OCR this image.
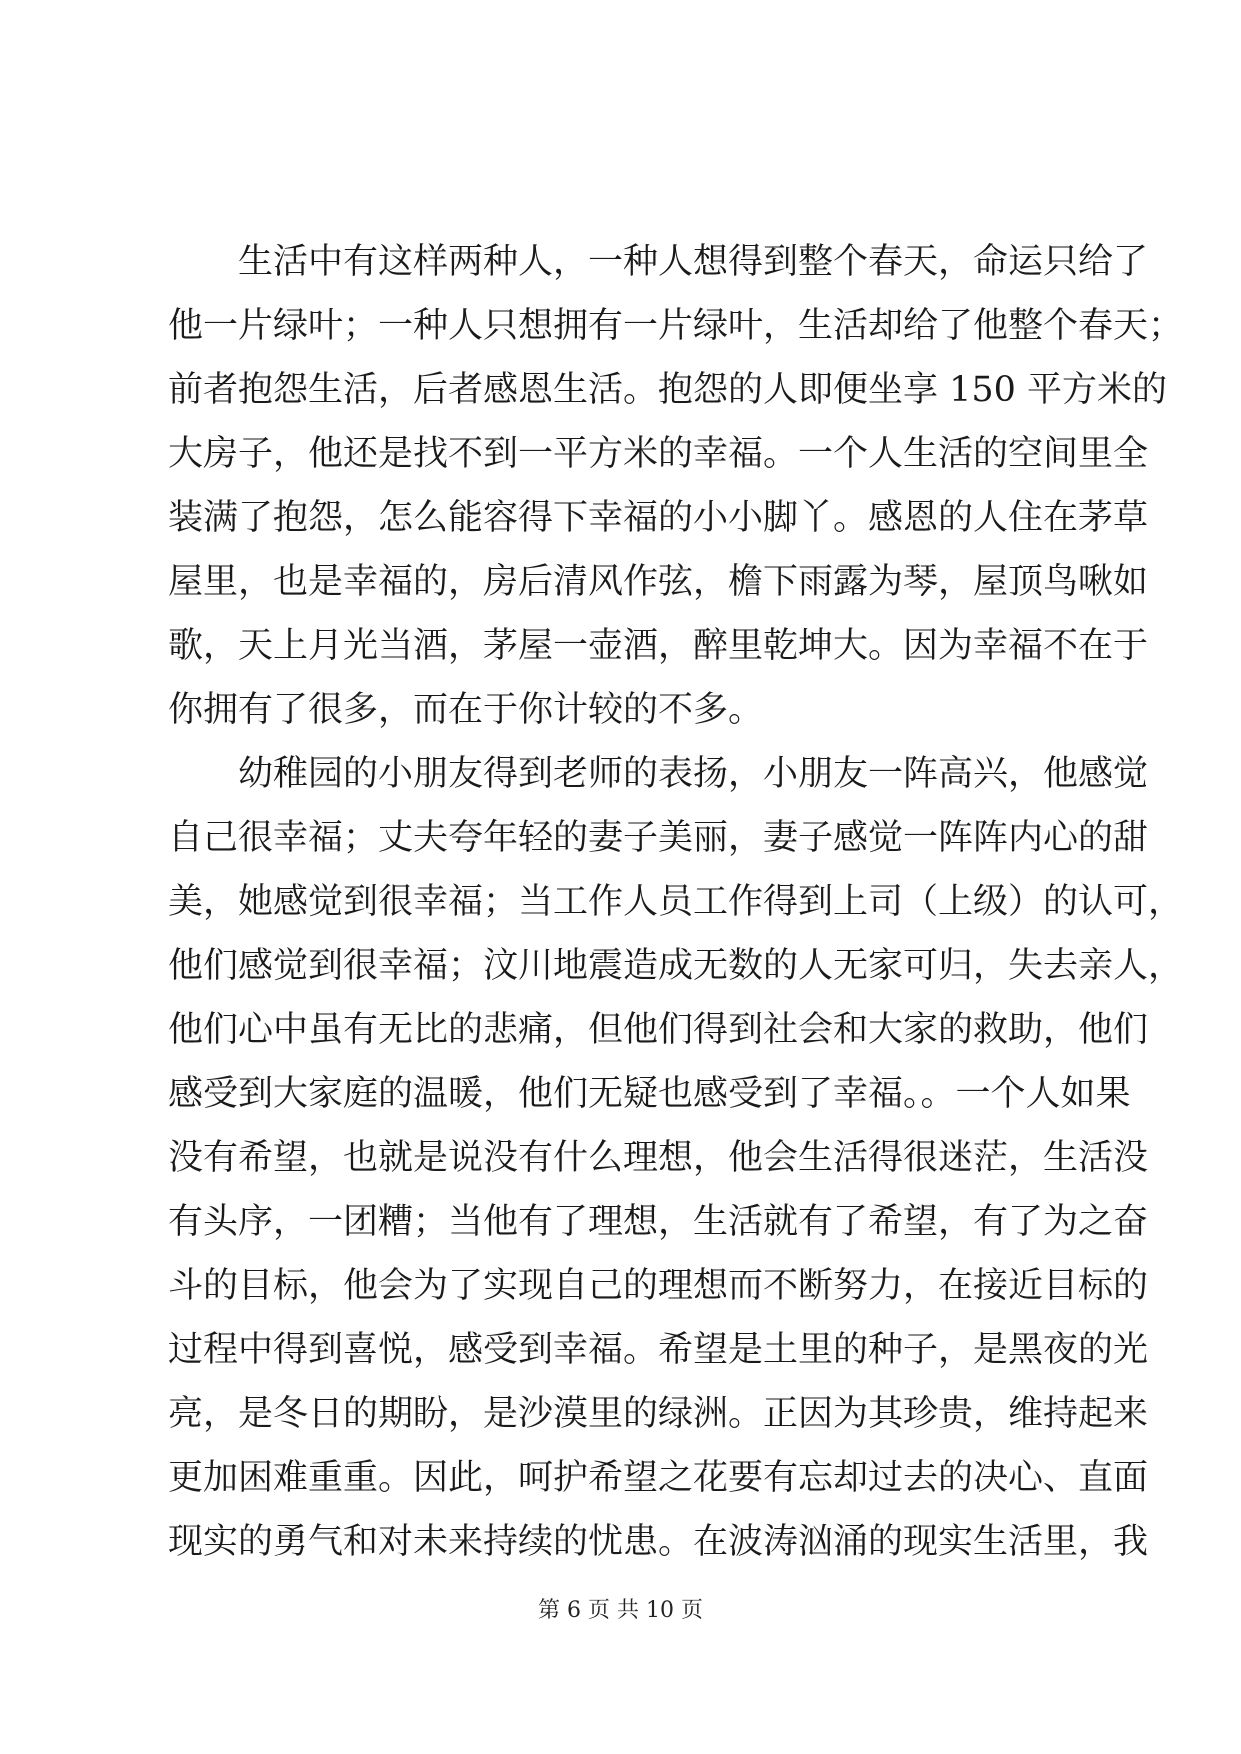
生活中有这样两种人，一种人想得到整个春天，命运只给了
他一片绿叶；一种人只想拥有一片绿叶，生活却给了他整个春天；
前者抱怨生活，后者感恩生活。抱怨的人即便坐享 150 平方米的
大房子，他还是找不到一平方米的幸福。一个人生活的空间里全
装满了抱怨，怎么能容得下幸福的小小脚丫。感恩的人住在茅草
屋里，也是幸福的，房后清风作弦，檐下雨露为琴，屋顶鸟啾如
歌，天上月光当酒，茅屋一壶酒，醉里乾坤大。因为幸福不在于
你拥有了很多，而在于你计较的不多。
幼稚园的小朋友得到老师的表扬，小朋友一阵高兴，他感觉
自己很幸福；丈夫夸年轻的妻子美丽，妻子感觉一阵阵内心的甜
美，她感觉到很幸福；当工作人员工作得到上司（上级）的认可，
他们感觉到很幸福；汶川地震造成无数的人无家可归，失去亲人，
他们心中虽有无比的悲痛，但他们得到社会和大家的救助，他们
感受到大家庭的温暖，他们无疑也感受到了幸福。。一个人如果
没有希望，也就是说没有什么理想，他会生活得很迷茫，生活没
有头序，一团糟；当他有了理想，生活就有了希望，有了为之奋
斗的目标，他会为了实现自己的理想而不断努力，在接近目标的
过程中得到喜悦，感受到幸福。希望是土里的种子，是黑夜的光
亮，是冬日的期盼，是沙漠里的绿洲。正因为其珍贵，维持起来
更加困难重重。因此，呵护希望之花要有忘却过去的决心、直面
现实的勇气和对未来持续的忧患。在波涛汹涌的现实生活里，我
第 6 页 共 10 页
